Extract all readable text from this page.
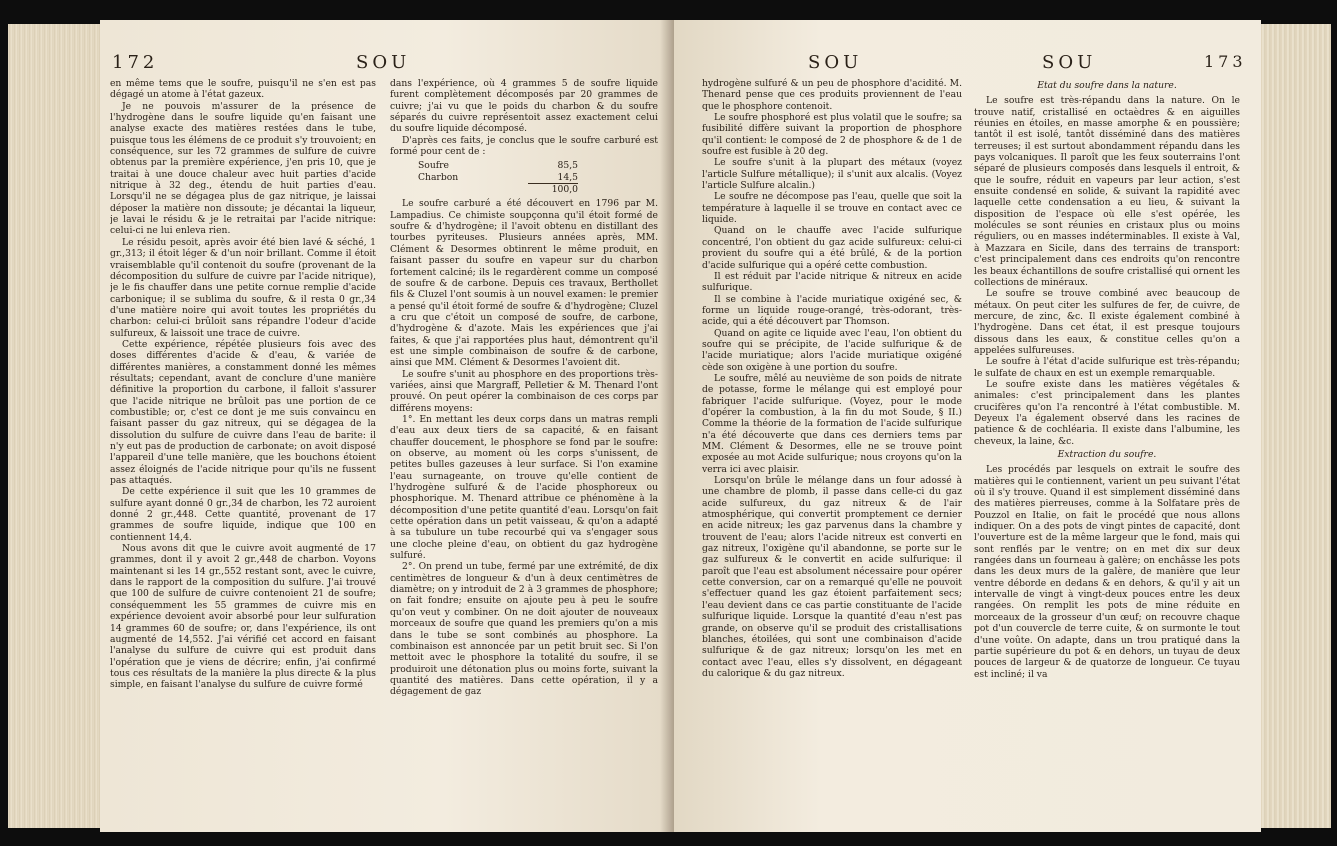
172	SOU

en même tems que le soufre, puisqu'il ne s'en est pas dégagé un atome à l'état gazeux.

Je ne pouvois m'assurer de la présence de l'hydrogène dans le soufre liquide qu'en faisant une analyse exacte des matières restées dans le tube, puisque tous les élémens de ce produit s'y trouvoient; en conséquence, sur les 72 grammes de sulfure de cuivre obtenus par la première expérience, j'en pris 10, que je traitai à une douce chaleur avec huit parties d'acide nitrique à 32 deg., étendu de huit parties d'eau. Lorsqu'il ne se dégagea plus de gaz nitrique, je laissai déposer la matière non dissoute; je décantai la liqueur, je lavai le résidu & je le retraitai par l'acide nitrique: celui-ci ne lui enleva rien.

Le résidu pesoit, après avoir été bien lavé & séché, 1 gr.,313; il étoit léger & d'un noir brillant. Comme il étoit vraisemblable qu'il contenoit du soufre (provenant de la décomposition du sulfure de cuivre par l'acide nitrique), je le fis chauffer dans une petite cornue remplie d'acide carbonique; il se sublima du soufre, & il resta 0 gr.,34 d'une matière noire qui avoit toutes les propriétés du charbon: celui-ci brûloit sans répandre l'odeur d'acide sulfureux, & laissoit une trace de cuivre.

Cette expérience, répétée plusieurs fois avec des doses différentes d'acide & d'eau, & variée de différentes manières, a constamment donné les mêmes résultats; cependant, avant de conclure d'une manière définitive la proportion du carbone, il falloit s'assurer que l'acide nitrique ne brûloit pas une portion de ce combustible; or, c'est ce dont je me suis convaincu en faisant passer du gaz nitreux, qui se dégagea de la dissolution du sulfure de cuivre dans l'eau de barite: il n'y eut pas de production de carbonate; on avoit disposé l'appareil d'une telle manière, que les bouchons étoient assez éloignés de l'acide nitrique pour qu'ils ne fussent pas attaqués.

De cette expérience il suit que les 10 grammes de sulfure ayant donné 0 gr.,34 de charbon, les 72 auroient donné 2 gr.,448. Cette quantité, provenant de 17 grammes de soufre liquide, indique que 100 en contiennent 14,4.

Nous avons dit que le cuivre avoit augmenté de 17 grammes, dont il y avoit 2 gr.,448 de charbon. Voyons maintenant si les 14 gr.,552 restant sont, avec le cuivre, dans le rapport de la composition du sulfure. J'ai trouvé que 100 de sulfure de cuivre contenoient 21 de soufre; conséquemment les 55 grammes de cuivre mis en expérience devoient avoir absorbé pour leur sulfuration 14 grammes 60 de soufre; or, dans l'expérience, ils ont augmenté de 14,552. J'ai vérifié cet accord en faisant l'analyse du sulfure de cuivre qui est produit dans l'opération que je viens de décrire; enfin, j'ai confirmé tous ces résultats de la manière la plus directe & la plus simple, en faisant l'analyse du sulfure de cuivre formé

dans l'expérience, où 4 grammes 5 de soufre liquide furent complètement décomposés par 20 grammes de cuivre; j'ai vu que le poids du charbon & du soufre séparés du cuivre représentoit assez exactement celui du soufre liquide décomposé.

D'après ces faits, je conclus que le soufre carburé est formé pour cent de :

Soufre	85,5
Charbon	14,5
100,0

Le soufre carburé a été découvert en 1796 par M. Lampadius. Ce chimiste soupçonna qu'il étoit formé de soufre & d'hydrogène; il l'avoit obtenu en distillant des tourbes pyriteuses. Plusieurs années après, MM. Clément & Desormes obtinrent le même produit, en faisant passer du soufre en vapeur sur du charbon fortement calciné; ils le regardèrent comme un composé de soufre & de carbone. Depuis ces travaux, Berthollet fils & Cluzel l'ont soumis à un nouvel examen: le premier a pensé qu'il étoit formé de soufre & d'hydrogène; Cluzel a cru que c'étoit un composé de soufre, de carbone, d'hydrogène & d'azote. Mais les expériences que j'ai faites, & que j'ai rapportées plus haut, démontrent qu'il est une simple combinaison de soufre & de carbone, ainsi que MM. Clément & Desormes l'avoient dit.

Le soufre s'unit au phosphore en des proportions très-variées, ainsi que Margraff, Pelletier & M. Thenard l'ont prouvé. On peut opérer la combinaison de ces corps par différens moyens:

1°. En mettant les deux corps dans un matras rempli d'eau aux deux tiers de sa capacité, & en faisant chauffer doucement, le phosphore se fond par le soufre: on observe, au moment où les corps s'unissent, de petites bulles gazeuses à leur surface. Si l'on examine l'eau surnageante, on trouve qu'elle contient de l'hydrogène sulfuré & de l'acide phosphoreux ou phosphorique. M. Thenard attribue ce phénomène à la décomposition d'une petite quantité d'eau. Lorsqu'on fait cette opération dans un petit vaisseau, & qu'on a adapté à sa tubulure un tube recourbé qui va s'engager sous une cloche pleine d'eau, on obtient du gaz hydrogène sulfuré.

2°. On prend un tube, fermé par une extrémité, de dix centimètres de longueur & d'un à deux centimètres de diamètre; on y introduit de 2 à 3 grammes de phosphore; on fait fondre; ensuite on ajoute peu à peu le soufre qu'on veut y combiner. On ne doit ajouter de nouveaux morceaux de soufre que quand les premiers qu'on a mis dans le tube se sont combinés au phosphore. La combinaison est annoncée par un petit bruit sec. Si l'on mettoit avec le phosphore la totalité du soufre, il se produiroit une détonation plus ou moins forte, suivant la quantité des matières. Dans cette opération, il y a dégagement de gaz

SOU	SOU	173

hydrogène sulfuré & un peu de phosphore d'acidité. M. Thenard pense que ces produits proviennent de l'eau que le phosphore contenoit.

Le soufre phosphoré est plus volatil que le soufre; sa fusibilité diffère suivant la proportion de phosphore qu'il contient: le composé de 2 de phosphore & de 1 de soufre est fusible à 20 deg.

Le soufre s'unit à la plupart des métaux (voyez l'article Sulfure métallique); il s'unit aux alcalis. (Voyez l'article Sulfure alcalin.)

Le soufre ne décompose pas l'eau, quelle que soit la température à laquelle il se trouve en contact avec ce liquide.

Quand on le chauffe avec l'acide sulfurique concentré, l'on obtient du gaz acide sulfureux: celui-ci provient du soufre qui a été brûlé, & de la portion d'acide sulfurique qui a opéré cette combustion.

Il est réduit par l'acide nitrique & nitreux en acide sulfurique.

Il se combine à l'acide muriatique oxigéné sec, & forme un liquide rouge-orangé, très-odorant, très-acide, qui a été découvert par Thomson.

Quand on agite ce liquide avec l'eau, l'on obtient du soufre qui se précipite, de l'acide sulfurique & de l'acide muriatique; alors l'acide muriatique oxigéné cède son oxigène à une portion du soufre.

Le soufre, mêlé au neuvième de son poids de nitrate de potasse, forme le mélange qui est employé pour fabriquer l'acide sulfurique. (Voyez, pour le mode d'opérer la combustion, à la fin du mot Soude, § II.) Comme la théorie de la formation de l'acide sulfurique n'a été découverte que dans ces derniers tems par MM. Clément & Desormes, elle ne se trouve point exposée au mot Acide sulfurique; nous croyons qu'on la verra ici avec plaisir.

Lorsqu'on brûle le mélange dans un four adossé à une chambre de plomb, il passe dans celle-ci du gaz acide sulfureux, du gaz nitreux & de l'air atmosphérique, qui convertit promptement ce dernier en acide nitreux; les gaz parvenus dans la chambre y trouvent de l'eau; alors l'acide nitreux est converti en gaz nitreux, l'oxigène qu'il abandonne, se porte sur le gaz sulfureux & le convertit en acide sulfurique: il paroît que l'eau est absolument nécessaire pour opérer cette conversion, car on a remarqué qu'elle ne pouvoit s'effectuer quand les gaz étoient parfaitement secs; l'eau devient dans ce cas partie constituante de l'acide sulfurique liquide. Lorsque la quantité d'eau n'est pas grande, on observe qu'il se produit des cristallisations blanches, étoilées, qui sont une combinaison d'acide sulfurique & de gaz nitreux; lorsqu'on les met en contact avec l'eau, elles s'y dissolvent, en dégageant du calorique & du gaz nitreux.

Etat du soufre dans la nature.

Le soufre est très-répandu dans la nature. On le trouve natif, cristallisé en octaèdres & en aiguilles réunies en étoiles, en masse amorphe & en poussière; tantôt il est isolé, tantôt disséminé dans des matières terreuses; il est surtout abondamment répandu dans les pays volcaniques. Il paroît que les feux souterrains l'ont séparé de plusieurs composés dans lesquels il entroit, & que le soufre, réduit en vapeurs par leur action, s'est ensuite condensé en solide, & suivant la rapidité avec laquelle cette condensation a eu lieu, & suivant la disposition de l'espace où elle s'est opérée, les molécules se sont réunies en cristaux plus ou moins réguliers, ou en masses indéterminables. Il existe à Val, à Mazzara en Sicile, dans des terrains de transport: c'est principalement dans ces endroits qu'on rencontre les beaux échantillons de soufre cristallisé qui ornent les collections de minéraux.

Le soufre se trouve combiné avec beaucoup de métaux. On peut citer les sulfures de fer, de cuivre, de mercure, de zinc, &c. Il existe également combiné à l'hydrogène. Dans cet état, il est presque toujours dissous dans les eaux, & constitue celles qu'on a appelées sulfureuses.

Le soufre à l'état d'acide sulfurique est très-répandu; le sulfate de chaux en est un exemple remarquable.

Le soufre existe dans les matières végétales & animales: c'est principalement dans les plantes crucifères qu'on l'a rencontré à l'état combustible. M. Deyeux l'a également observé dans les racines de patience & de cochléaria. Il existe dans l'albumine, les cheveux, la laine, &c.

Extraction du soufre.

Les procédés par lesquels on extrait le soufre des matières qui le contiennent, varient un peu suivant l'état où il s'y trouve. Quand il est simplement disséminé dans des matières pierreuses, comme à la Solfatare près de Pouzzol en Italie, on fait le procédé que nous allons indiquer. On a des pots de vingt pintes de capacité, dont l'ouverture est de la même largeur que le fond, mais qui sont renflés par le ventre; on en met dix sur deux rangées dans un fourneau à galère; on enchâsse les pots dans les deux murs de la galère, de manière que leur ventre déborde en dedans & en dehors, & qu'il y ait un intervalle de vingt à vingt-deux pouces entre les deux rangées. On remplit les pots de mine réduite en morceaux de la grosseur d'un œuf; on recouvre chaque pot d'un couvercle de terre cuite, & on surmonte le tout d'une voûte. On adapte, dans un trou pratiqué dans la partie supérieure du pot & en dehors, un tuyau de deux pouces de largeur & de quatorze de longueur. Ce tuyau est incliné; il va
